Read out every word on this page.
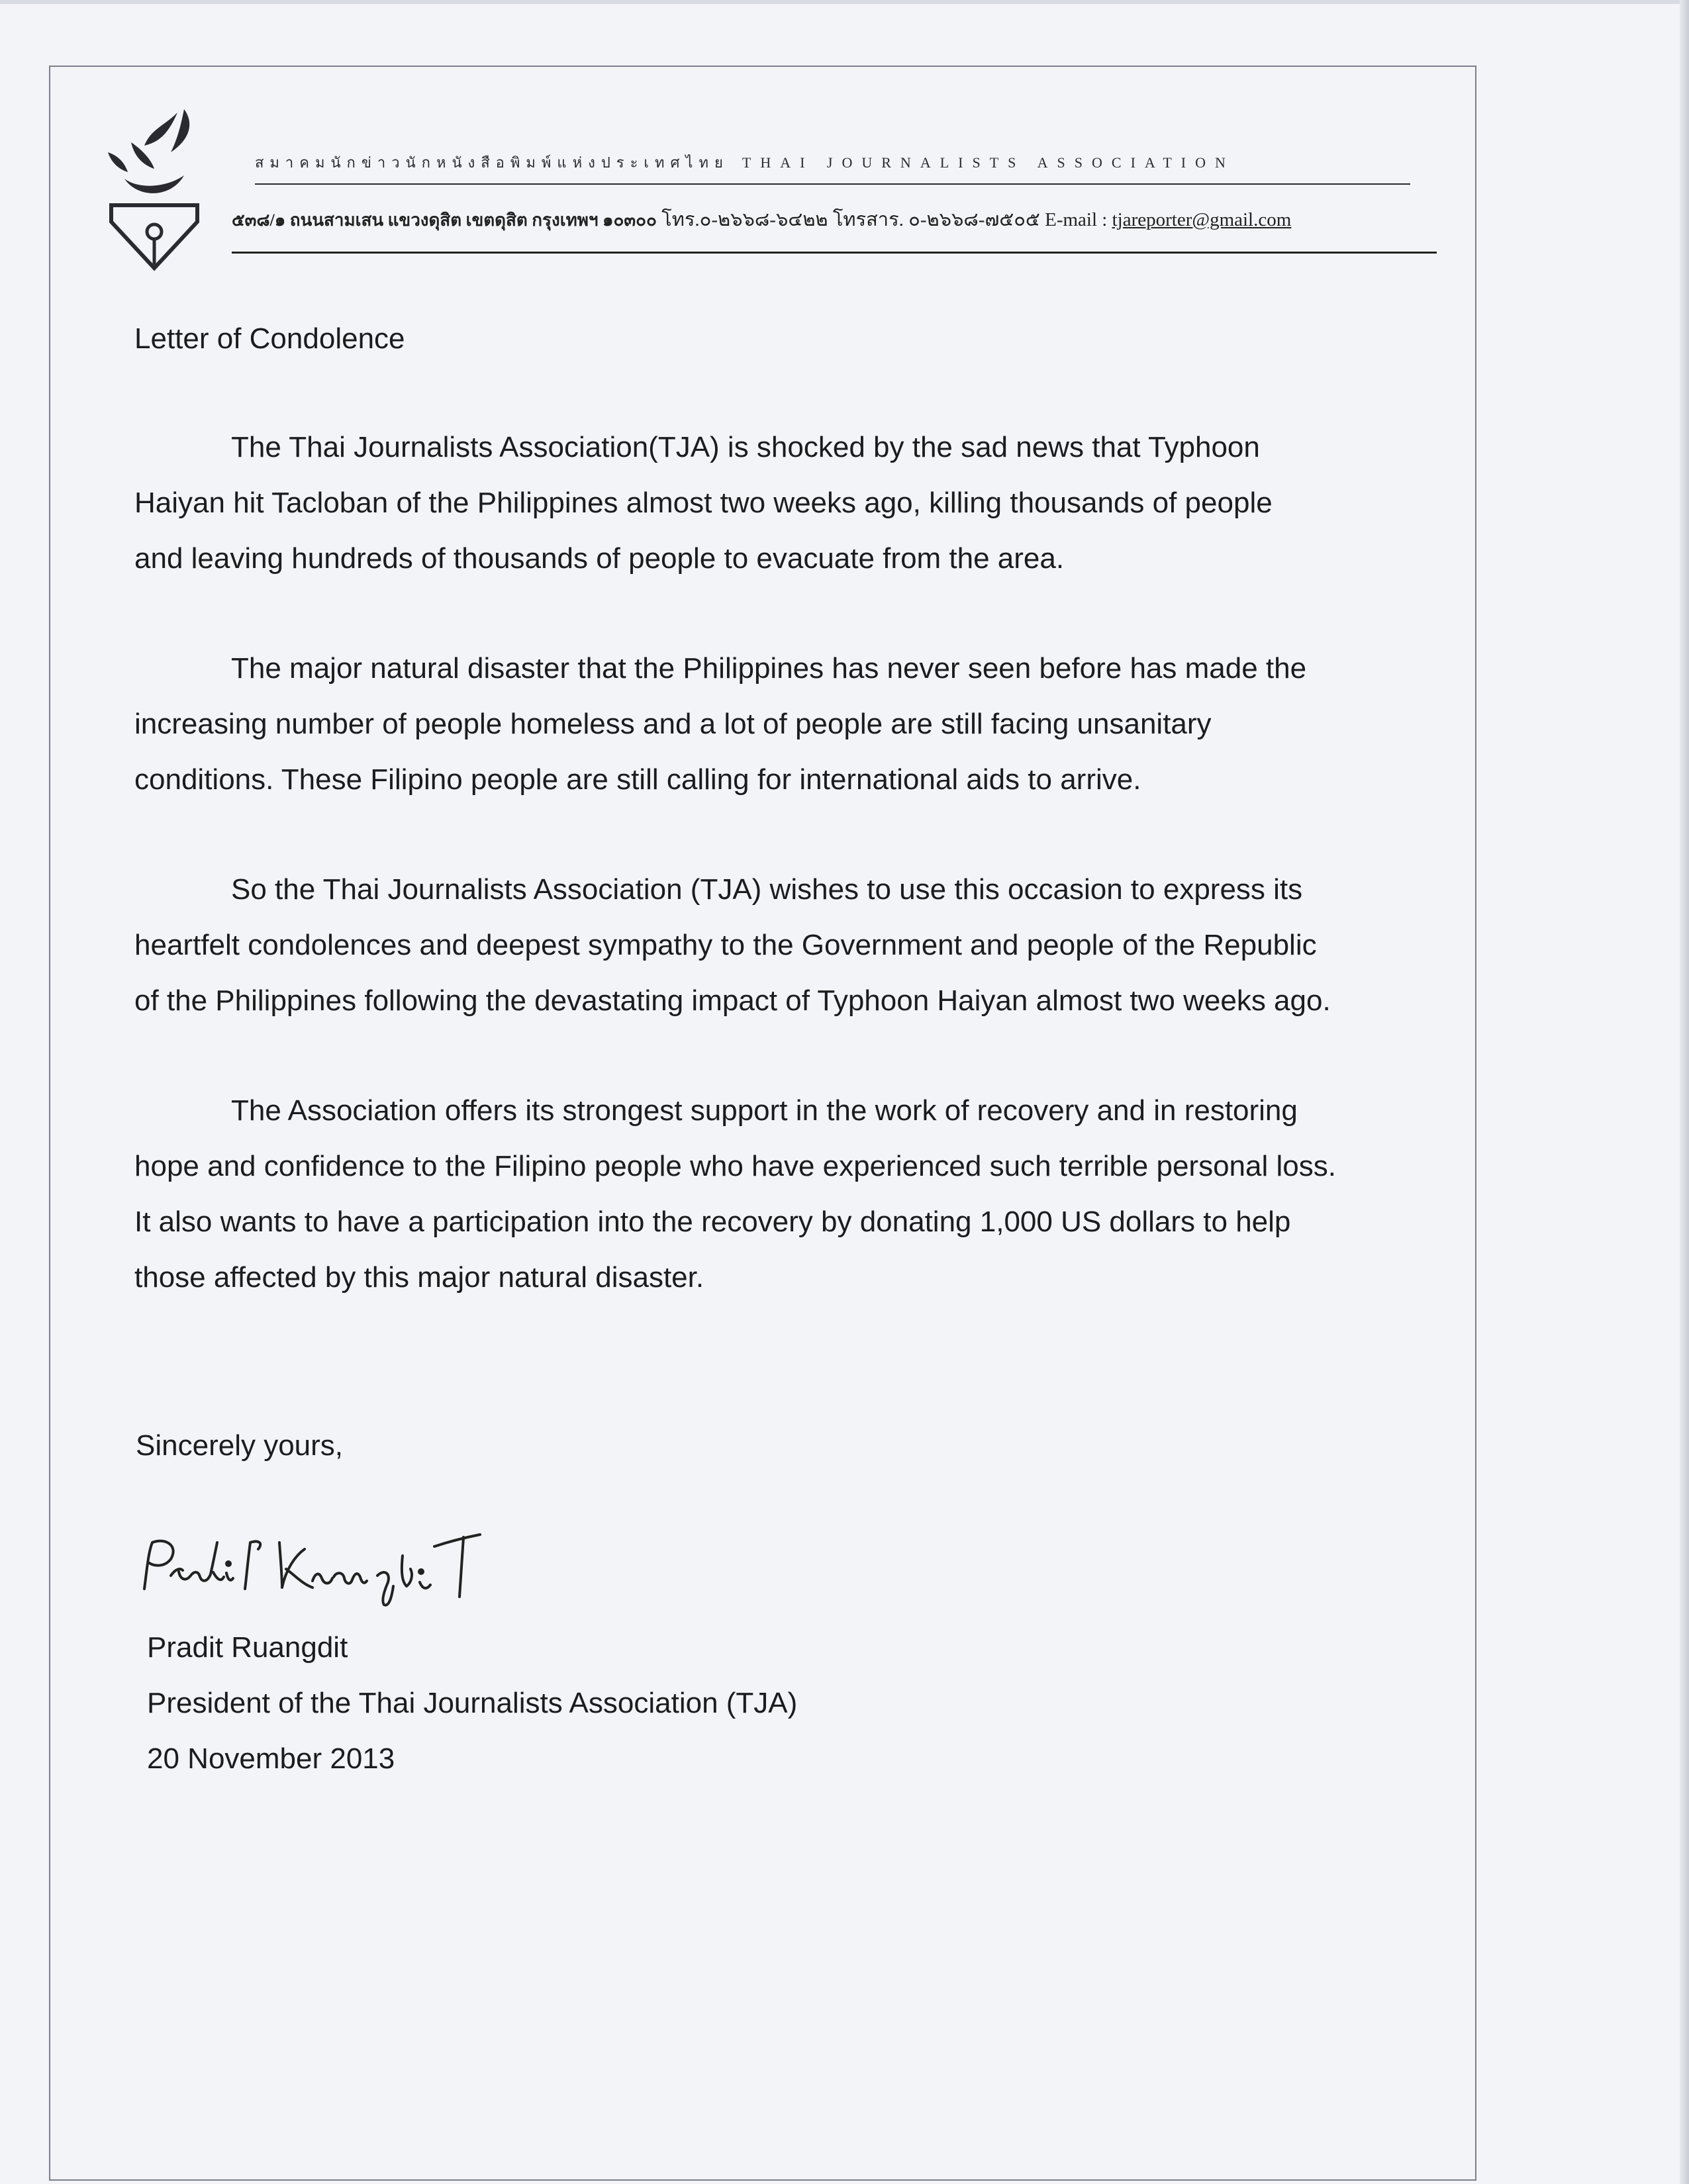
สมาคมนักข่าวนักหนังสือพิมพ์แห่งประเทศไทย THAI JOURNALISTS ASSOCIATION
๕๓๘/๑ ถนนสามเสน แขวงดุสิต เขตดุสิต กรุงเทพฯ ๑๐๓๐๐ โทร.๐-๒๖๖๘-๖๔๒๒ โทรสาร. ๐-๒๖๖๘-๗๕๐๕ E-mail : tjareporter@gmail.com
Letter of Condolence
The Thai Journalists Association(TJA) is shocked by the sad news that Typhoon
Haiyan hit Tacloban of the Philippines almost two weeks ago, killing thousands of people
and leaving hundreds of thousands of people to evacuate from the area.
The major natural disaster that the Philippines has never seen before has made the
increasing number of people homeless and a lot of people are still facing unsanitary
conditions. These Filipino people are still calling for international aids to arrive.
So the Thai Journalists Association (TJA) wishes to use this occasion to express its
heartfelt condolences and deepest sympathy to the Government and people of the Republic
of the Philippines following the devastating impact of Typhoon Haiyan almost two weeks ago.
The Association offers its strongest support in the work of recovery and in restoring
hope and confidence to the Filipino people who have experienced such terrible personal loss.
It also wants to have a participation into the recovery by donating 1,000 US dollars to help
those affected by this major natural disaster.
Sincerely yours,
Pradit Ruangdit
President of the Thai Journalists Association (TJA)
20 November 2013
